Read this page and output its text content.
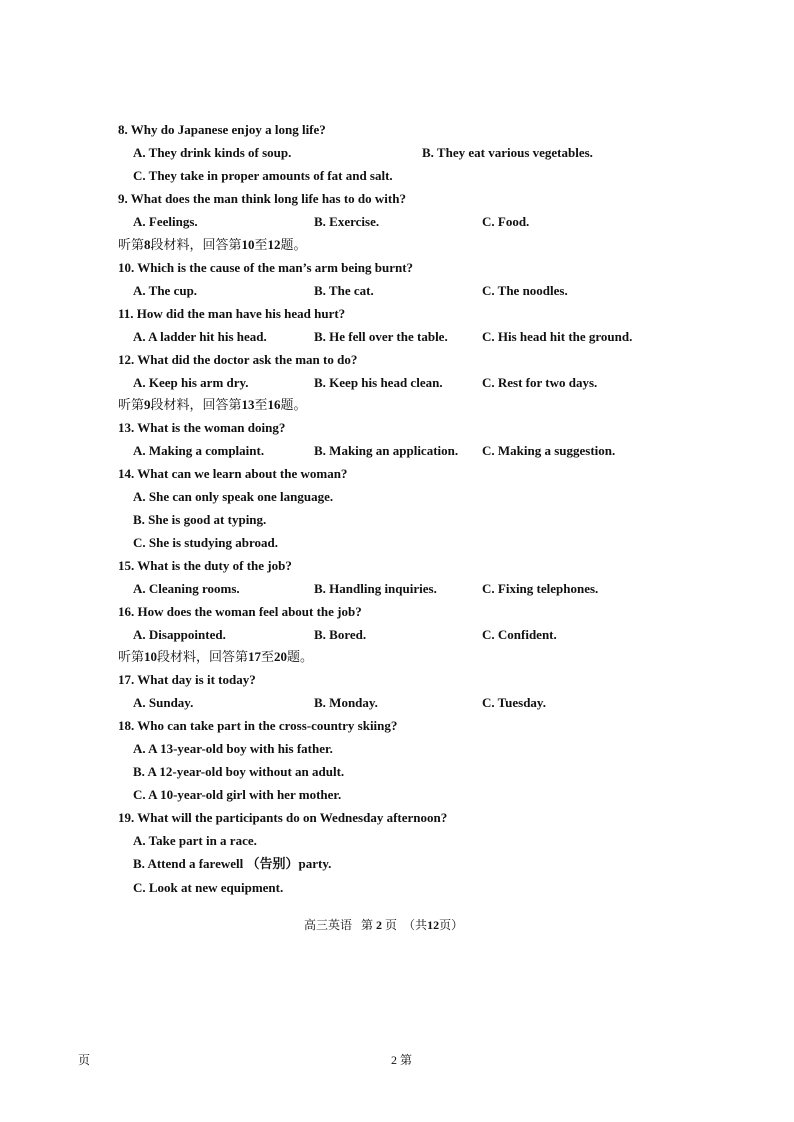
8. Why do Japanese enjoy a long life?
A. They drink kinds of soup.	B. They eat various vegetables.
C. They take in proper amounts of fat and salt.
9. What does the man think long life has to do with?
A. Feelings.	B. Exercise.	C. Food.
听第8段材料，回答第10至12题。
10. Which is the cause of the man’s arm being burnt?
A. The cup.	B. The cat.	C. The noodles.
11. How did the man have his head hurt?
A. A ladder hit his head.	B. He fell over the table.	C. His head hit the ground.
12. What did the doctor ask the man to do?
A. Keep his arm dry.	B. Keep his head clean.	C. Rest for two days.
听第9段材料，回答第13至16题。
13. What is the woman doing?
A. Making a complaint.	B. Making an application. C. Making a suggestion.
14. What can we learn about the woman?
A. She can only speak one language.
B. She is good at typing.
C. She is studying abroad.
15. What is the duty of the job?
A. Cleaning rooms.	B. Handling inquiries.	C. Fixing telephones.
16. How does the woman feel about the job?
A. Disappointed.	B. Bored.	C. Confident.
听第10段材料，回答第17至20题。
17. What day is it today?
A. Sunday.	B. Monday.	C. Tuesday.
18. Who can take part in the cross-country skiing?
A. A 13-year-old boy with his father.
B. A 12-year-old boy without an adult.
C. A 10-year-old girl with her mother.
19. What will the participants do on Wednesday afternoon?
A. Take part in a race.
B. Attend a farewell （告别）party.
C. Look at new equipment.
高三英语 第 2 页 （共12页）
页	2 第
